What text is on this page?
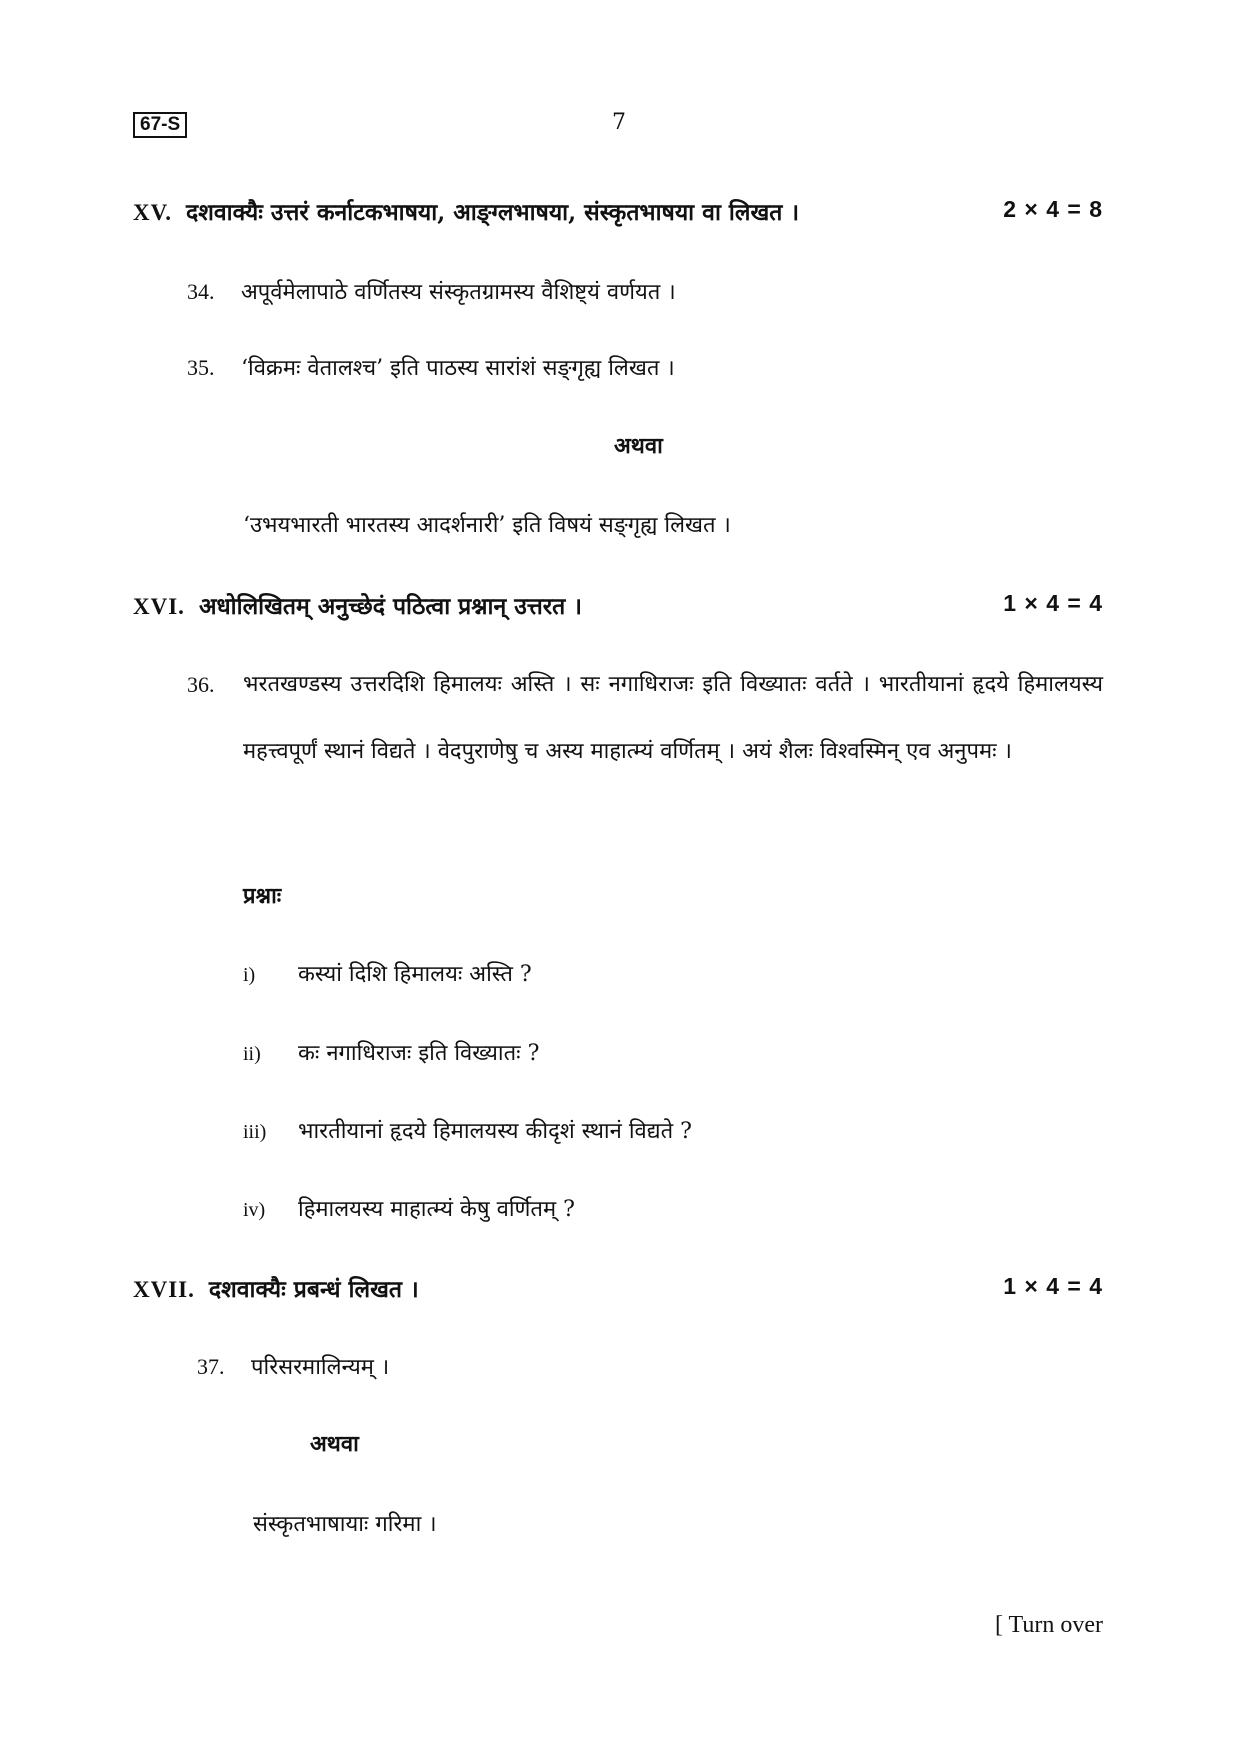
67-S	7
XV. दशवाक्यैः उत्तरं कर्नाटकभाषया, आङ्ग्लभाषया, संस्कृतभाषया वा लिखत ।	2 × 4 = 8
34. अपूर्वमेलापाठे वर्णितस्य संस्कृतग्रामस्य वैशिष्ट्यं वर्णयत ।
35. ‘विक्रमः वेतालश्च’ इति पाठस्य सारांशं सङ्गृह्य लिखत ।
अथवा
‘उभयभारती भारतस्य आदर्शनारी’ इति विषयं सङ्गृह्य लिखत ।
XVI. अधोलिखितम् अनुच्छेदं पठित्वा प्रश्नान् उत्तरत ।	1 × 4 = 4
36. भरतखण्डस्य उत्तरदिशि हिमालयः अस्ति । सः नगाधिराजः इति विख्यातः वर्तते । भारतीयानां हृदये हिमालयस्य महत्त्वपूर्णं स्थानं विद्यते । वेदपुराणेषु च अस्य माहात्म्यं वर्णितम् । अयं शैलः विश्वस्मिन् एव अनुपमः ।

प्रश्नाः
i) कस्यां दिशि हिमालयः अस्ति ?
ii) कः नगाधिराजः इति विख्यातः ?
iii) भारतीयानां हृदये हिमालयस्य कीदृशं स्थानं विद्यते ?
iv) हिमालयस्य माहात्म्यं केषु वर्णितम् ?
XVII. दशवाक्यैः प्रबन्धं लिखत ।	1 × 4 = 4
37. परिसरमालिन्यम् ।
अथवा
संस्कृतभाषायाः गरिमा ।
[ Turn over
